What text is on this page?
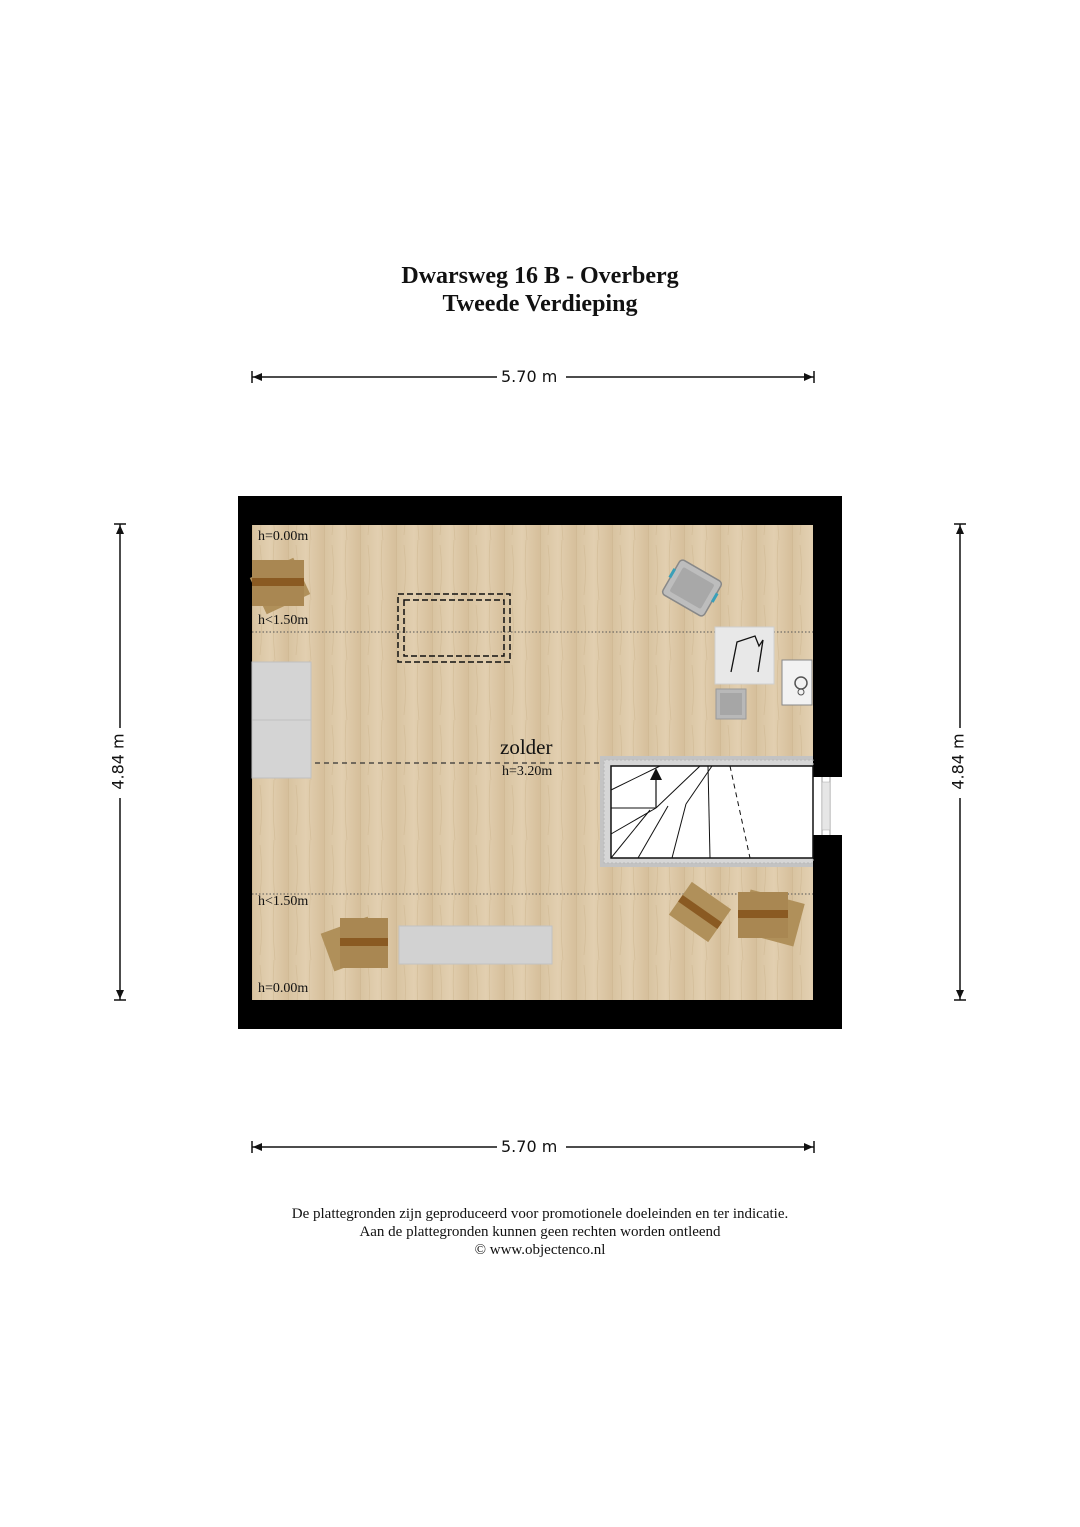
Dwarsweg 16 B - Overberg
Tweede Verdieping
5.70 m
5.70 m
4.84 m	4.84 m
h=0.00m
h<1.50m
zolder
h=3.20m
h<1.50m
h=0.00m
De plattegronden zijn geproduceerd voor promotionele doeleinden en ter indicatie.
Aan de plattegronden kunnen geen rechten worden ontleend
© www.objectenco.nl
